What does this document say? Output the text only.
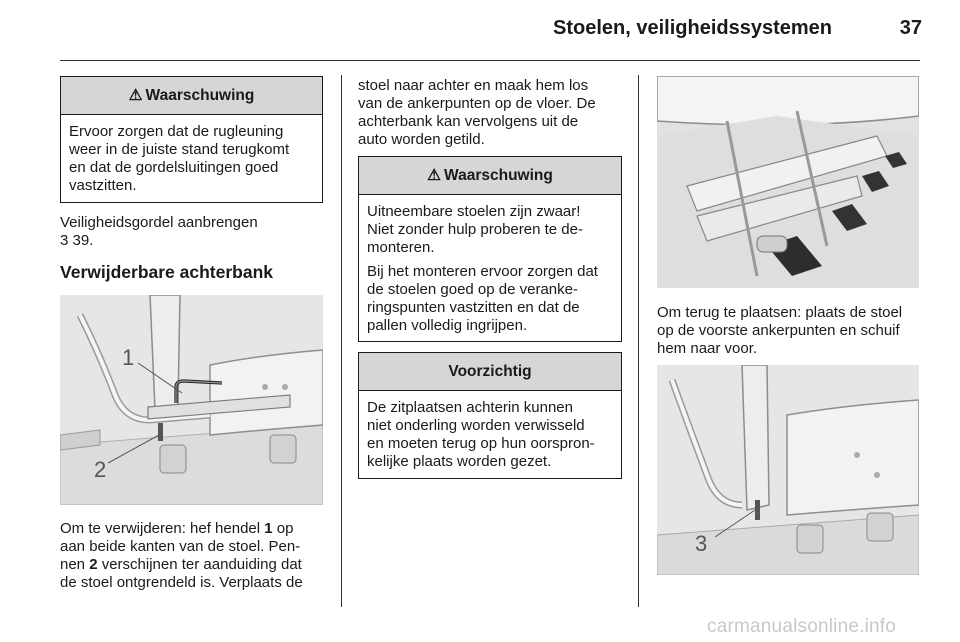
Stoelen, veiligheidssystemen	37
⚠ Waarschuwing
Ervoor zorgen dat de rugleuning
weer in de juiste stand terugkomt
en dat de gordelsluitingen goed
vastzitten.
Veiligheidsgordel aanbrengen
3 39.
Verwijderbare achterbank
1
2
Om te verwijderen: hef hendel 1 op
aan beide kanten van de stoel. Pen-
nen 2 verschijnen ter aanduiding dat
de stoel ontgrendeld is. Verplaats de
stoel naar achter en maak hem los
van de ankerpunten op de vloer. De
achterbank kan vervolgens uit de
auto worden getild.
⚠ Waarschuwing

Uitneembare stoelen zijn zwaar!
Niet zonder hulp proberen te de-
monteren.

Bij het monteren ervoor zorgen dat
de stoelen goed op de veranke-
ringspunten vastzitten en dat de
pallen volledig ingrijpen.

Voorzichtig
De zitplaatsen achterin kunnen
niet onderling worden verwisseld
en moeten terug op hun oorspron-
kelijke plaats worden gezet.
Om terug te plaatsen: plaats de stoel
op de voorste ankerpunten en schuif
hem naar voor.
3
carmanualsonline.info
